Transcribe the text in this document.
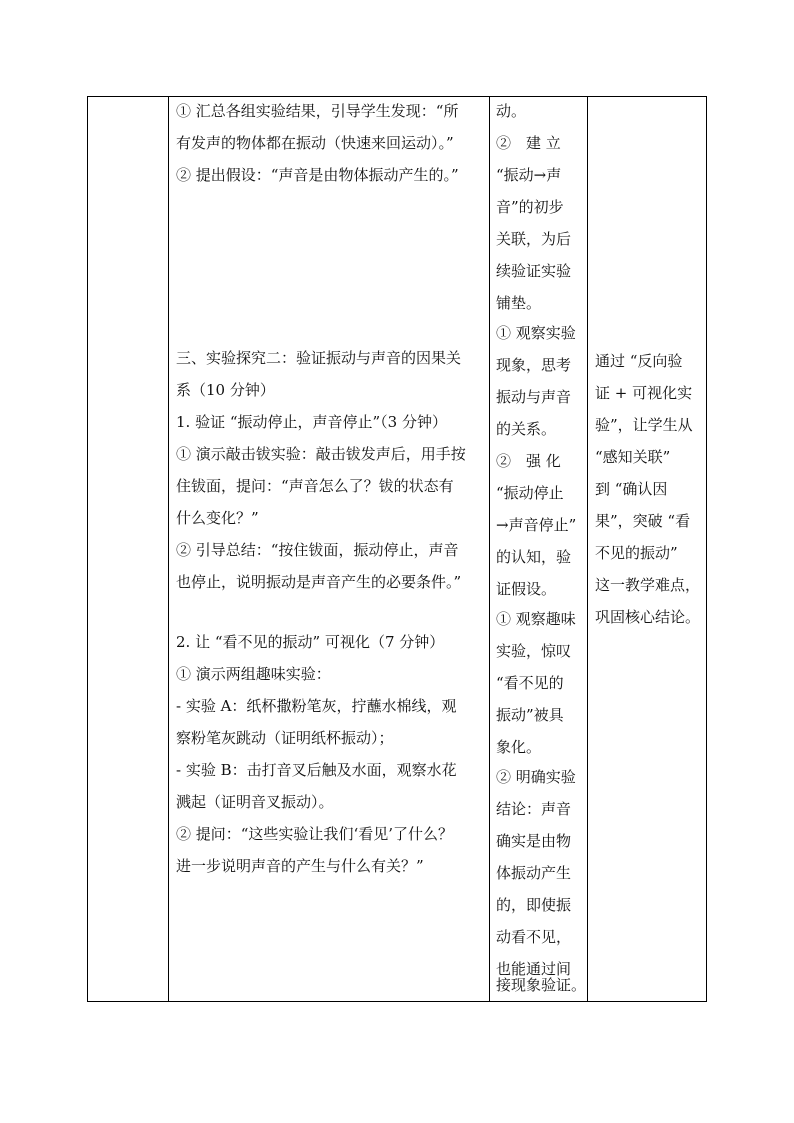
① 汇总各组实验结果，引导学生发现：“所
有发声的物体都在振动（快速来回运动）。”
② 提出假设：“声音是由物体振动产生的。”
三、实验探究二：验证振动与声音的因果关
系（10 分钟）
1. 验证 “振动停止，声音停止”（3 分钟）
① 演示敲击钹实验：敲击钹发声后，用手按
住钹面，提问：“声音怎么了？钹的状态有
什么变化？”
② 引导总结：“按住钹面，振动停止，声音
也停止，说明振动是声音产生的必要条件。”
2. 让 “看不见的振动” 可视化（7 分钟）
① 演示两组趣味实验：
- 实验 A：纸杯撒粉笔灰，拧蘸水棉线，观
察粉笔灰跳动（证明纸杯振动）；
- 实验 B：击打音叉后触及水面，观察水花
溅起（证明音叉振动）。
② 提问：“这些实验让我们‘看见’了什么？
进一步说明声音的产生与什么有关？”
动。
②　建 立
“振动→声
音”的初步
关联，为后
续验证实验
铺垫。
① 观察实验
现象，思考
振动与声音
的关系。
②　强 化
“振动停止
→声音停止”
的认知，验
证假设。
① 观察趣味
实验，惊叹
“看不见的
振动”被具
象化。
② 明确实验
结论：声音
确实是由物
体振动产生
的，即使振
动看不见，
也能通过间
接现象验证。
通过 “反向验
证 + 可视化实
验”，让学生从
“感知关联”
到 “确认因
果”，突破 “看
不见的振动”
这一教学难点，
巩固核心结论。
